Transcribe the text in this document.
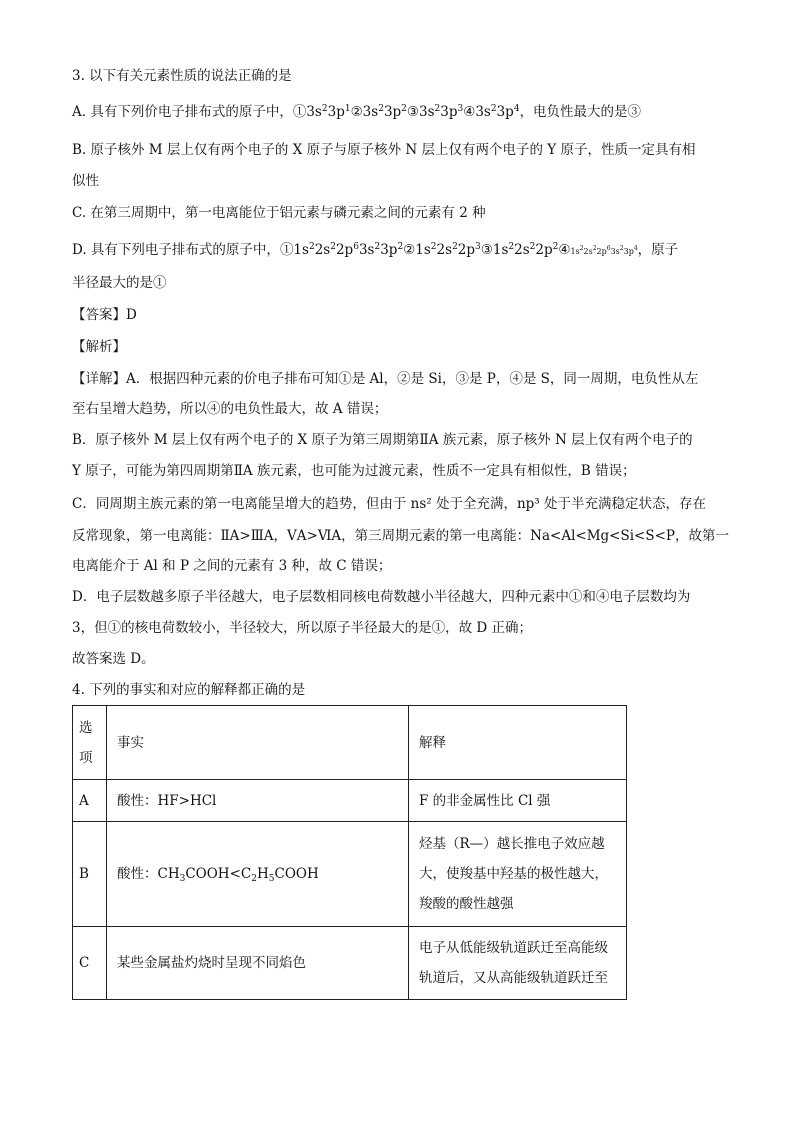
3. 以下有关元素性质的说法正确的是
A. 具有下列价电子排布式的原子中，$①3s^23p^1②3s^23p^2③3s^23p^3④3s^23p^4$，电负性最大的是③
B. 原子核外 M 层上仅有两个电子的 X 原子与原子核外 N 层上仅有两个电子的 Y 原子，性质一定具有相
似性
C. 在第三周期中，第一电离能位于铝元素与磷元素之间的元素有 2 种
D. 具有下列电子排布式的原子中，$①1s^22s^22p^63s^23p^2②1s^22s^22p^3③1s^22s^22p^2④1s^22s^22p^63s^23p^4$，原子
半径最大的是①
【答案】D
【解析】
【详解】A．根据四种元素的价电子排布可知①是 Al，②是 Si，③是 P，④是 S，同一周期，电负性从左
至右呈增大趋势，所以④的电负性最大，故 A 错误；
B．原子核外 M 层上仅有两个电子的 X 原子为第三周期第ⅡA 族元素，原子核外 N 层上仅有两个电子的
Y 原子，可能为第四周期第ⅡA 族元素，也可能为过渡元素，性质不一定具有相似性，B 错误；
C．同周期主族元素的第一电离能呈增大的趋势，但由于 ns² 处于全充满，np³ 处于半充满稳定状态，存在
反常现象，第一电离能：ⅡA>ⅢA，ⅤA>ⅥA，第三周期元素的第一电离能：Na<Al<Mg<Si<S<P，故第一
电离能介于 Al 和 P 之间的元素有 3 种，故 C 错误；
D．电子层数越多原子半径越大，电子层数相同核电荷数越小半径越大，四种元素中①和④电子层数均为
3，但①的核电荷数较小，半径较大，所以原子半径最大的是①，故 D 正确；
故答案选 D。
4. 下列的事实和对应的解释都正确的是
选
项	事实	解释
A	酸性：HF>HCl	F 的非金属性比 Cl 强
B	酸性：$CH_3COOH<C_2H_5COOH$	烃基（R—）越长推电子效应越
大，使羧基中羟基的极性越大，
羧酸的酸性越强

C	某些金属盐灼烧时呈现不同焰色	电子从低能级轨道跃迁至高能级
轨道后，又从高能级轨道跃迁至
